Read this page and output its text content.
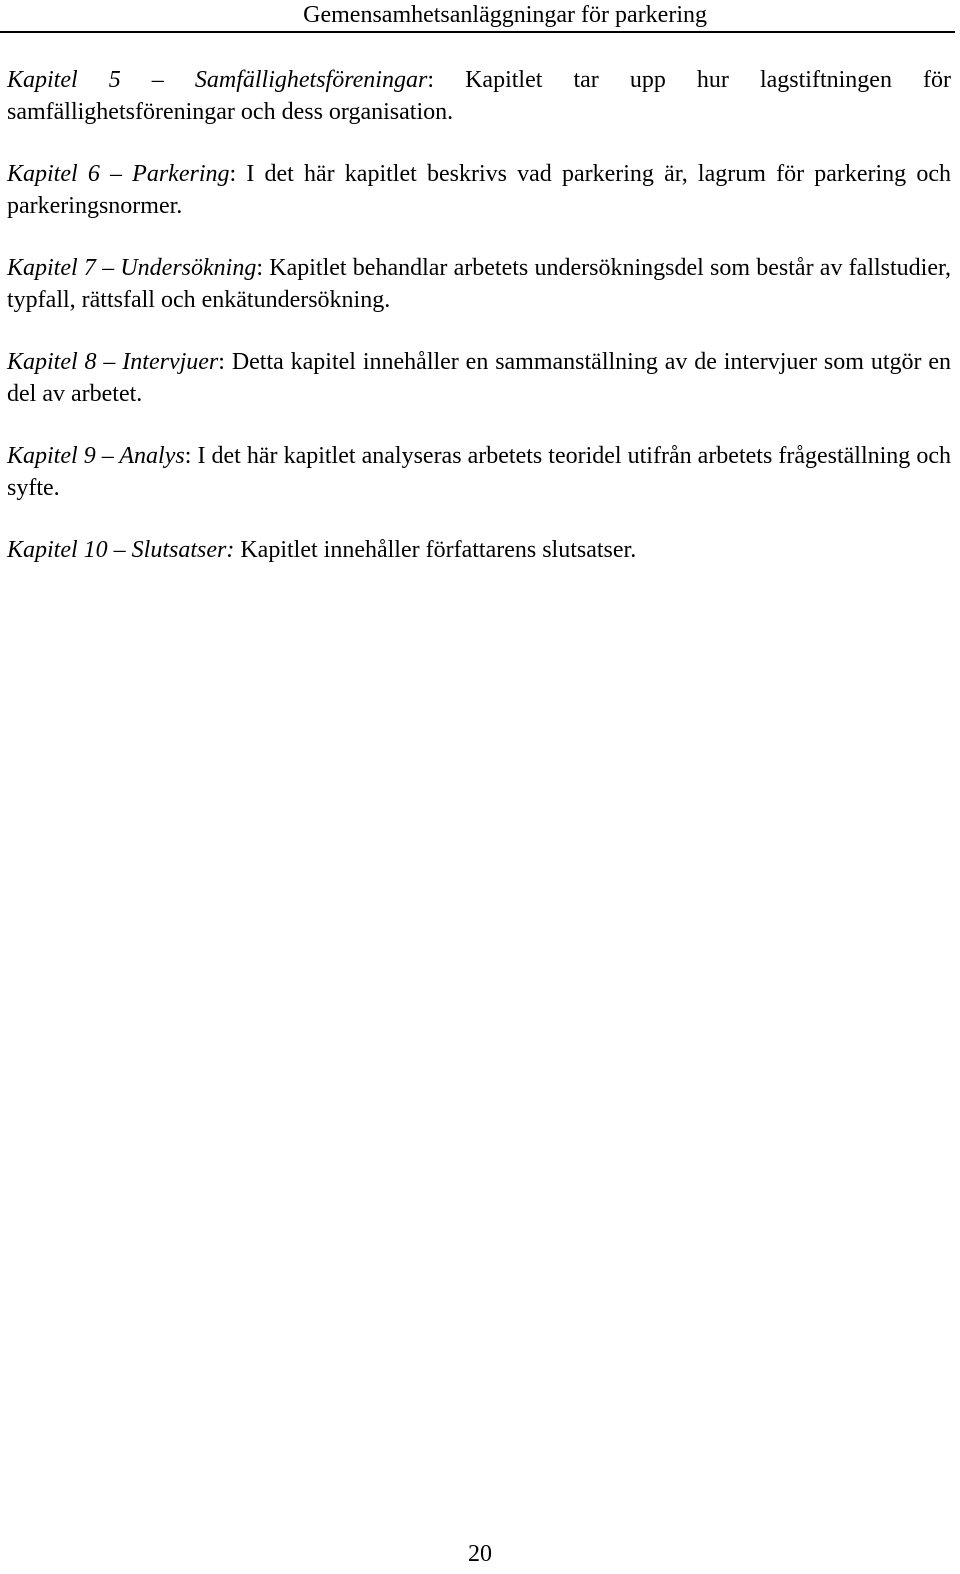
Gemensamhetsanläggningar för parkering

Kapitel 5 – Samfällighetsföreningar: Kapitlet tar upp hur lagstiftningen för samfällighetsföreningar och dess organisation.

Kapitel 6 – Parkering: I det här kapitlet beskrivs vad parkering är, lagrum för parkering och parkeringsnormer.

Kapitel 7 – Undersökning: Kapitlet behandlar arbetets undersökningsdel som består av fallstudier, typfall, rättsfall och enkätundersökning.

Kapitel 8 – Intervjuer: Detta kapitel innehåller en sammanställning av de intervjuer som utgör en del av arbetet.

Kapitel 9 – Analys: I det här kapitlet analyseras arbetets teoridel utifrån arbetets frågeställning och syfte.

Kapitel 10 – Slutsatser: Kapitlet innehåller författarens slutsatser.

20
